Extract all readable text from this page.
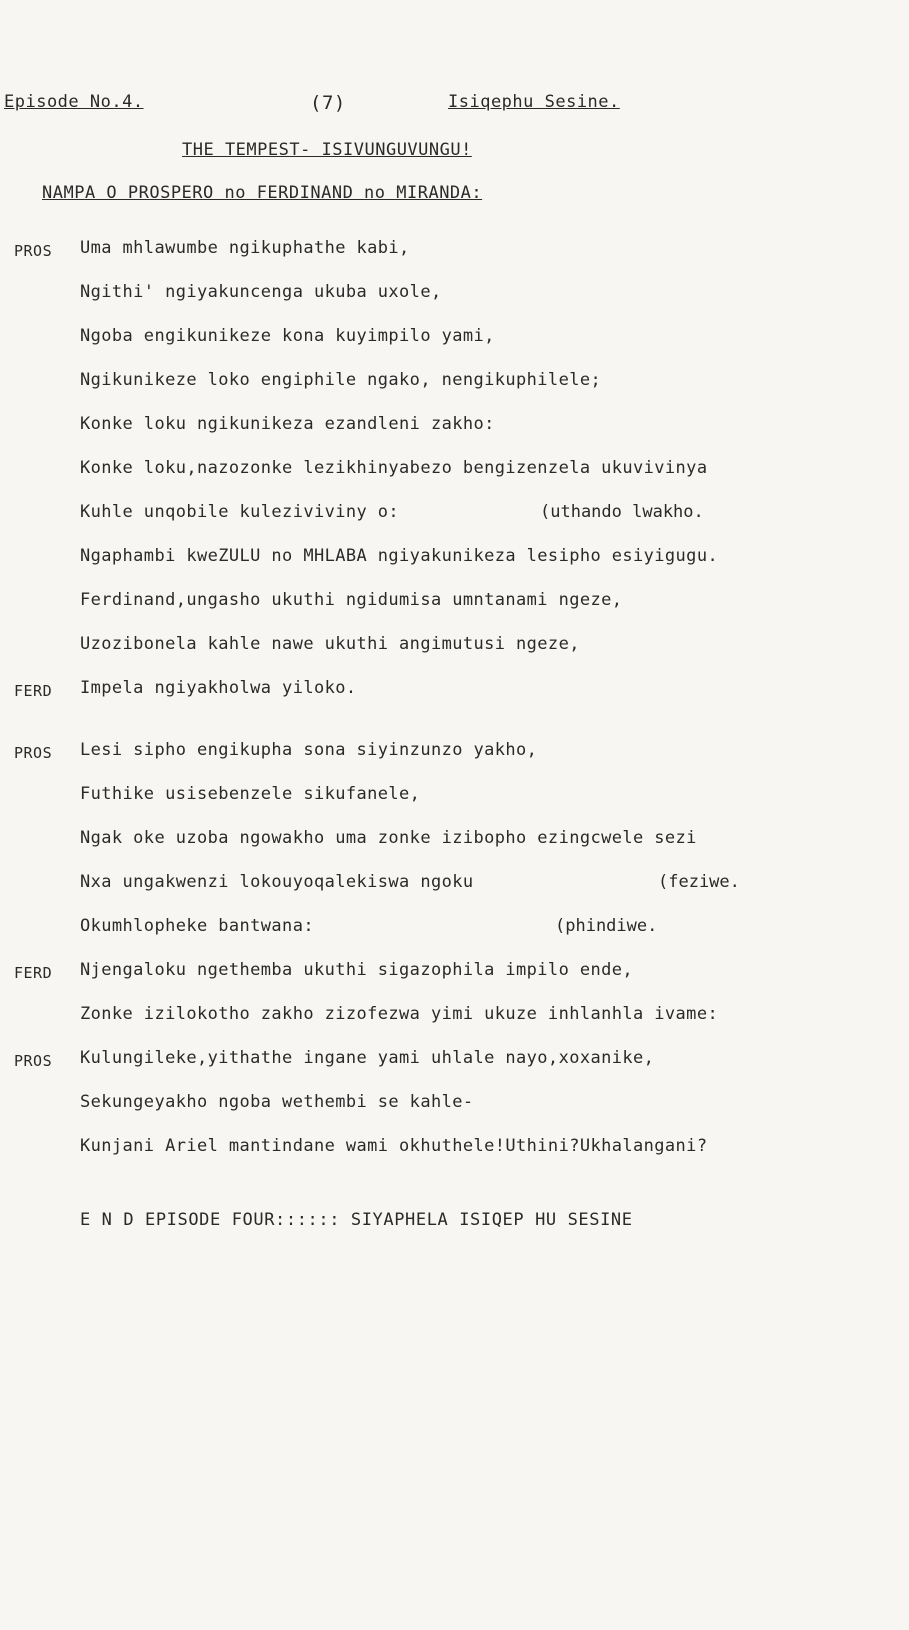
Episode No.4.	(7)	Isiqephu Sesine.
THE TEMPEST- ISIVUNGUVUNGU!
NAMPA O PROSPERO no FERDINAND no MIRANDA:
PROS Uma mhlawumbe ngikuphathe kabi,
Ngithi' ngiyakuncenga ukuba uxole,
Ngoba engikunikeze kona kuyimpilo yami,
Ngikunikeze loko engiphile ngako, nengikuphilele;
Konke loku ngikunikeza ezandleni zakho:
Konke loku,nazozonke lezikhinyabezo bengizenzela ukuvivinya
Kuhle unqobile kuleziviviny o:	(uthando lwakho.
Ngaphambi kweZULU no MHLABA ngiyakunikeza lesipho esiyigugu.
Ferdinand,ungasho ukuthi ngidumisa umntanami ngeze,
Uzozibonela kahle nawe ukuthi angimutusi ngeze,
FERD Impela ngiyakholwa yiloko.
PROS Lesi sipho engikupha sona siyinzunzo yakho,
Futhike usisebenzele sikufanele,
Ngak oke uzoba ngowakho uma zonke izibopho ezingcwele sezi
Nxa ungakwenzi lokouyoqalekiswa ngoku	(feziwe.
Okumhlopheke bantwana:	(phindiwe.
FERD Njengaloku ngethemba ukuthi sigazophila impilo ende,
Zonke izilokotho zakho zizofezwa yimi ukuze inhlanhla ivame:
PROS Kulungileke,yithathe ingane yami uhlale nayo,xoxanike,
Sekungeyakho ngoba wethembi se kahle-
Kunjani Ariel mantindane wami okhuthele!Uthini?Ukhalangani?
E N D EPISODE FOUR:::::: SIYAPHELA ISIQEP HU SESINE
